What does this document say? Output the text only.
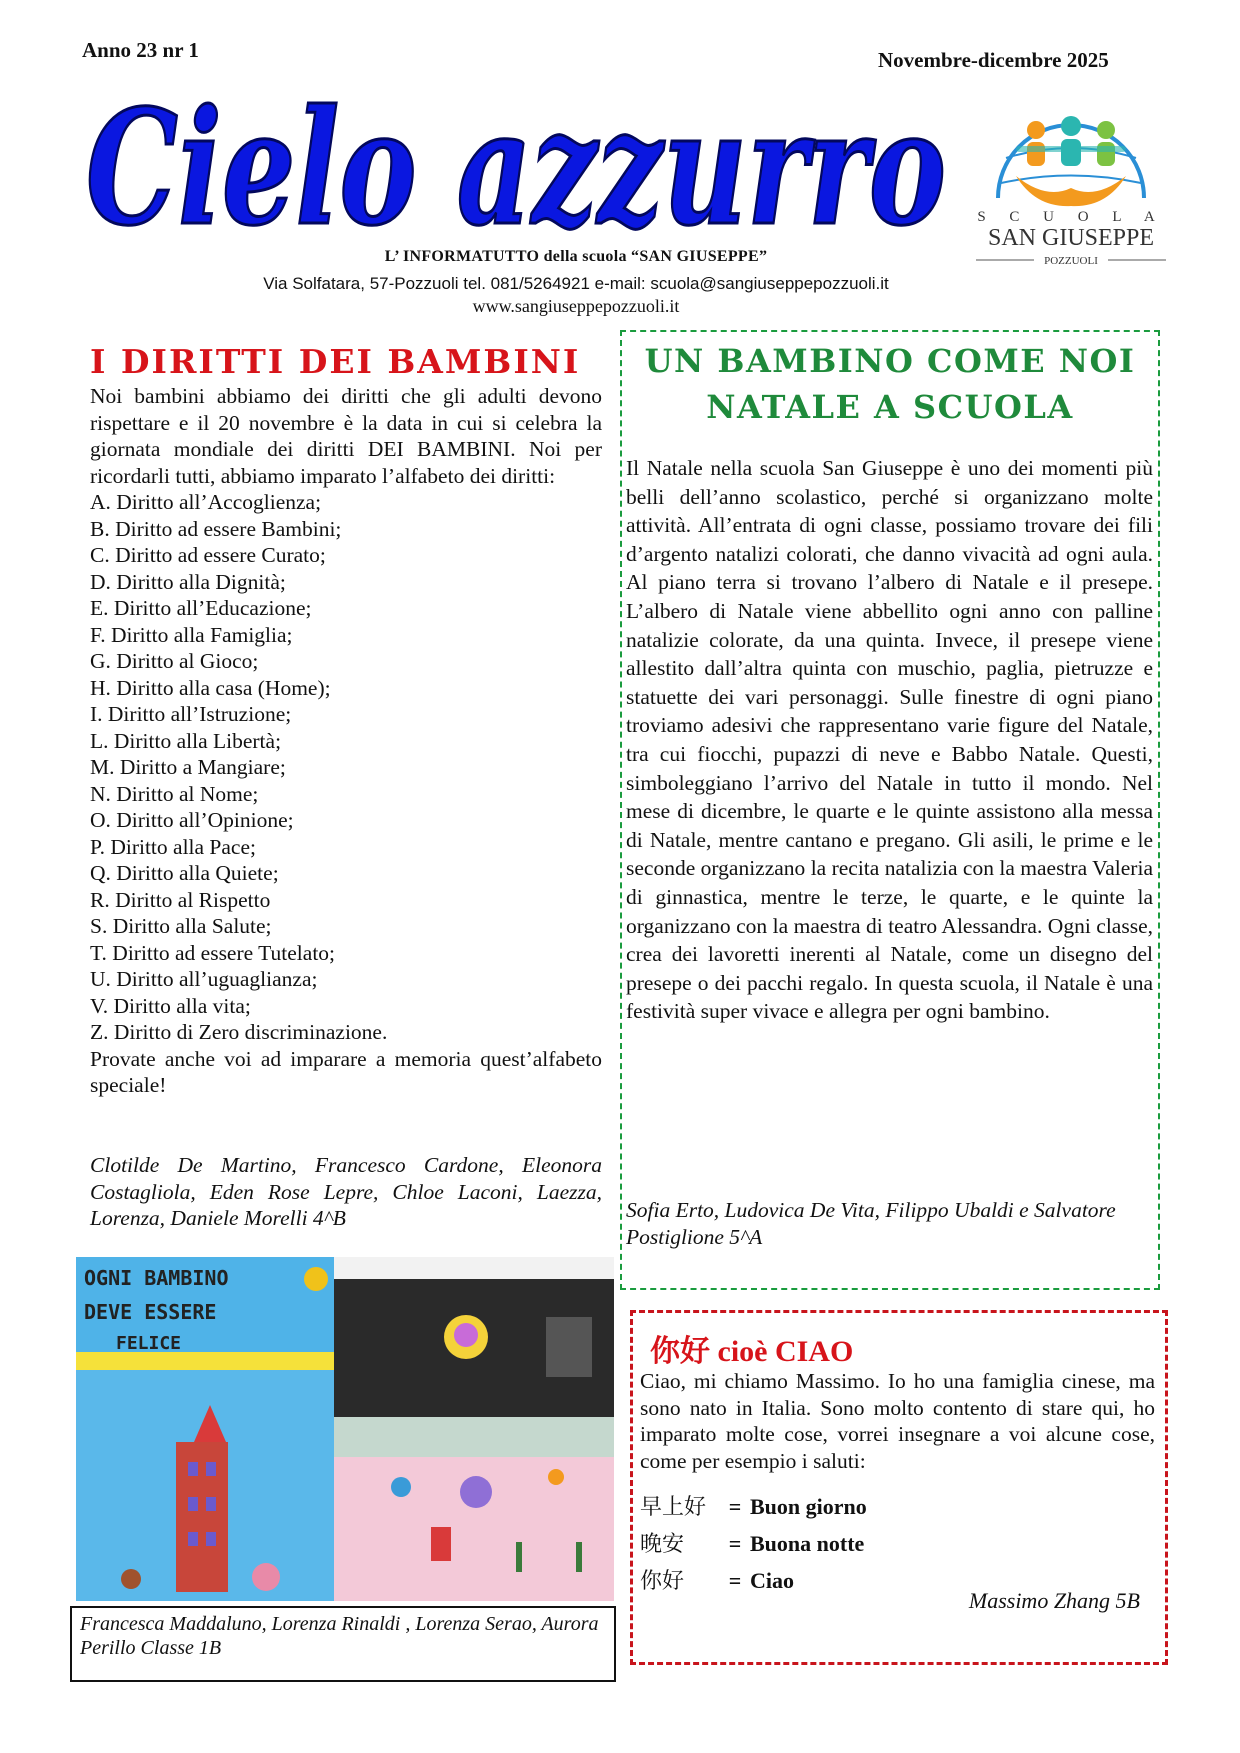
Anno 23 nr 1	Novembre-dicembre 2025
Cielo azzurro
L’ INFORMATUTTO della scuola “SAN GIUSEPPE”
Via Solfatara, 57-Pozzuoli tel. 081/5264921 e-mail: scuola@sangiuseppepozzuoli.it
www.sangiuseppepozzuoli.it
S C U O L A
SAN GIUSEPPE
POZZUOLI
I DIRITTI DEI BAMBINI

Noi bambini abbiamo dei diritti che gli adulti devono rispettare e il 20 novembre è la data in cui si celebra la giornata mondiale dei diritti DEI BAMBINI. Noi per ricordarli tutti, abbiamo imparato l’alfabeto dei diritti:

A. Diritto all’Accoglienza;
B. Diritto ad essere Bambini;
C. Diritto ad essere Curato;
D. Diritto alla Dignità;
E. Diritto all’Educazione;
F. Diritto alla Famiglia;
G. Diritto al Gioco;
H. Diritto alla casa (Home);
I. Diritto all’Istruzione;
L. Diritto alla Libertà;
M. Diritto a Mangiare;
N. Diritto al Nome;
O. Diritto all’Opinione;
P. Diritto alla Pace;
Q. Diritto alla Quiete;
R. Diritto al Rispetto
S. Diritto alla Salute;
T. Diritto ad essere Tutelato;
U. Diritto all’uguaglianza;
V. Diritto alla vita;
Z. Diritto di Zero discriminazione.

Provate anche voi ad imparare a memoria quest’alfabeto speciale!

Clotilde De Martino, Francesco Cardone, Eleonora Costagliola, Eden Rose Lepre, Chloe Laconi, Laezza, Lorenza, Daniele Morelli 4^B
OGNI BAMBINO
DEVE ESSERE
FELICE
Francesca Maddaluno, Lorenza Rinaldi , Lorenza Serao, Aurora Perillo Classe 1B
UN BAMBINO COME NOI
NATALE A SCUOLA
Il Natale nella scuola San Giuseppe è uno dei momenti più belli dell’anno scolastico, perché si organizzano molte attività. All’entrata di ogni classe, possiamo trovare dei fili d’argento natalizi colorati, che danno vivacità ad ogni aula. Al piano terra si trovano l’albero di Natale e il presepe. L’albero di Natale viene abbellito ogni anno con palline natalizie colorate, da una quinta. Invece, il presepe viene allestito dall’altra quinta con muschio, paglia, pietruzze e statuette dei vari personaggi. Sulle finestre di ogni piano troviamo adesivi che rappresentano varie figure del Natale, tra cui fiocchi, pupazzi di neve e Babbo Natale. Questi, simboleggiano l’arrivo del Natale in tutto il mondo. Nel mese di dicembre, le quarte e le quinte assistono alla messa di Natale, mentre cantano e pregano. Gli asili, le prime e le seconde organizzano la recita natalizia con la maestra Valeria di ginnastica, mentre le terze, le quarte, e le quinte la organizzano con la maestra di teatro Alessandra. Ogni classe, crea dei lavoretti inerenti al Natale, come un disegno del presepe o dei pacchi regalo. In questa scuola, il Natale è una festività super vivace e allegra per ogni bambino.
Sofia Erto, Ludovica De Vita, Filippo Ubaldi e Salvatore Postiglione 5^A
你好 cioè CIAO
Ciao, mi chiamo Massimo. Io ho una famiglia cinese, ma sono nato in Italia. Sono molto contento di stare qui, ho imparato molte cose, vorrei insegnare a voi alcune cose, come per esempio i saluti:
早上好 = Buon giorno
晚安 = Buona notte
你好 = Ciao
Massimo Zhang 5B
